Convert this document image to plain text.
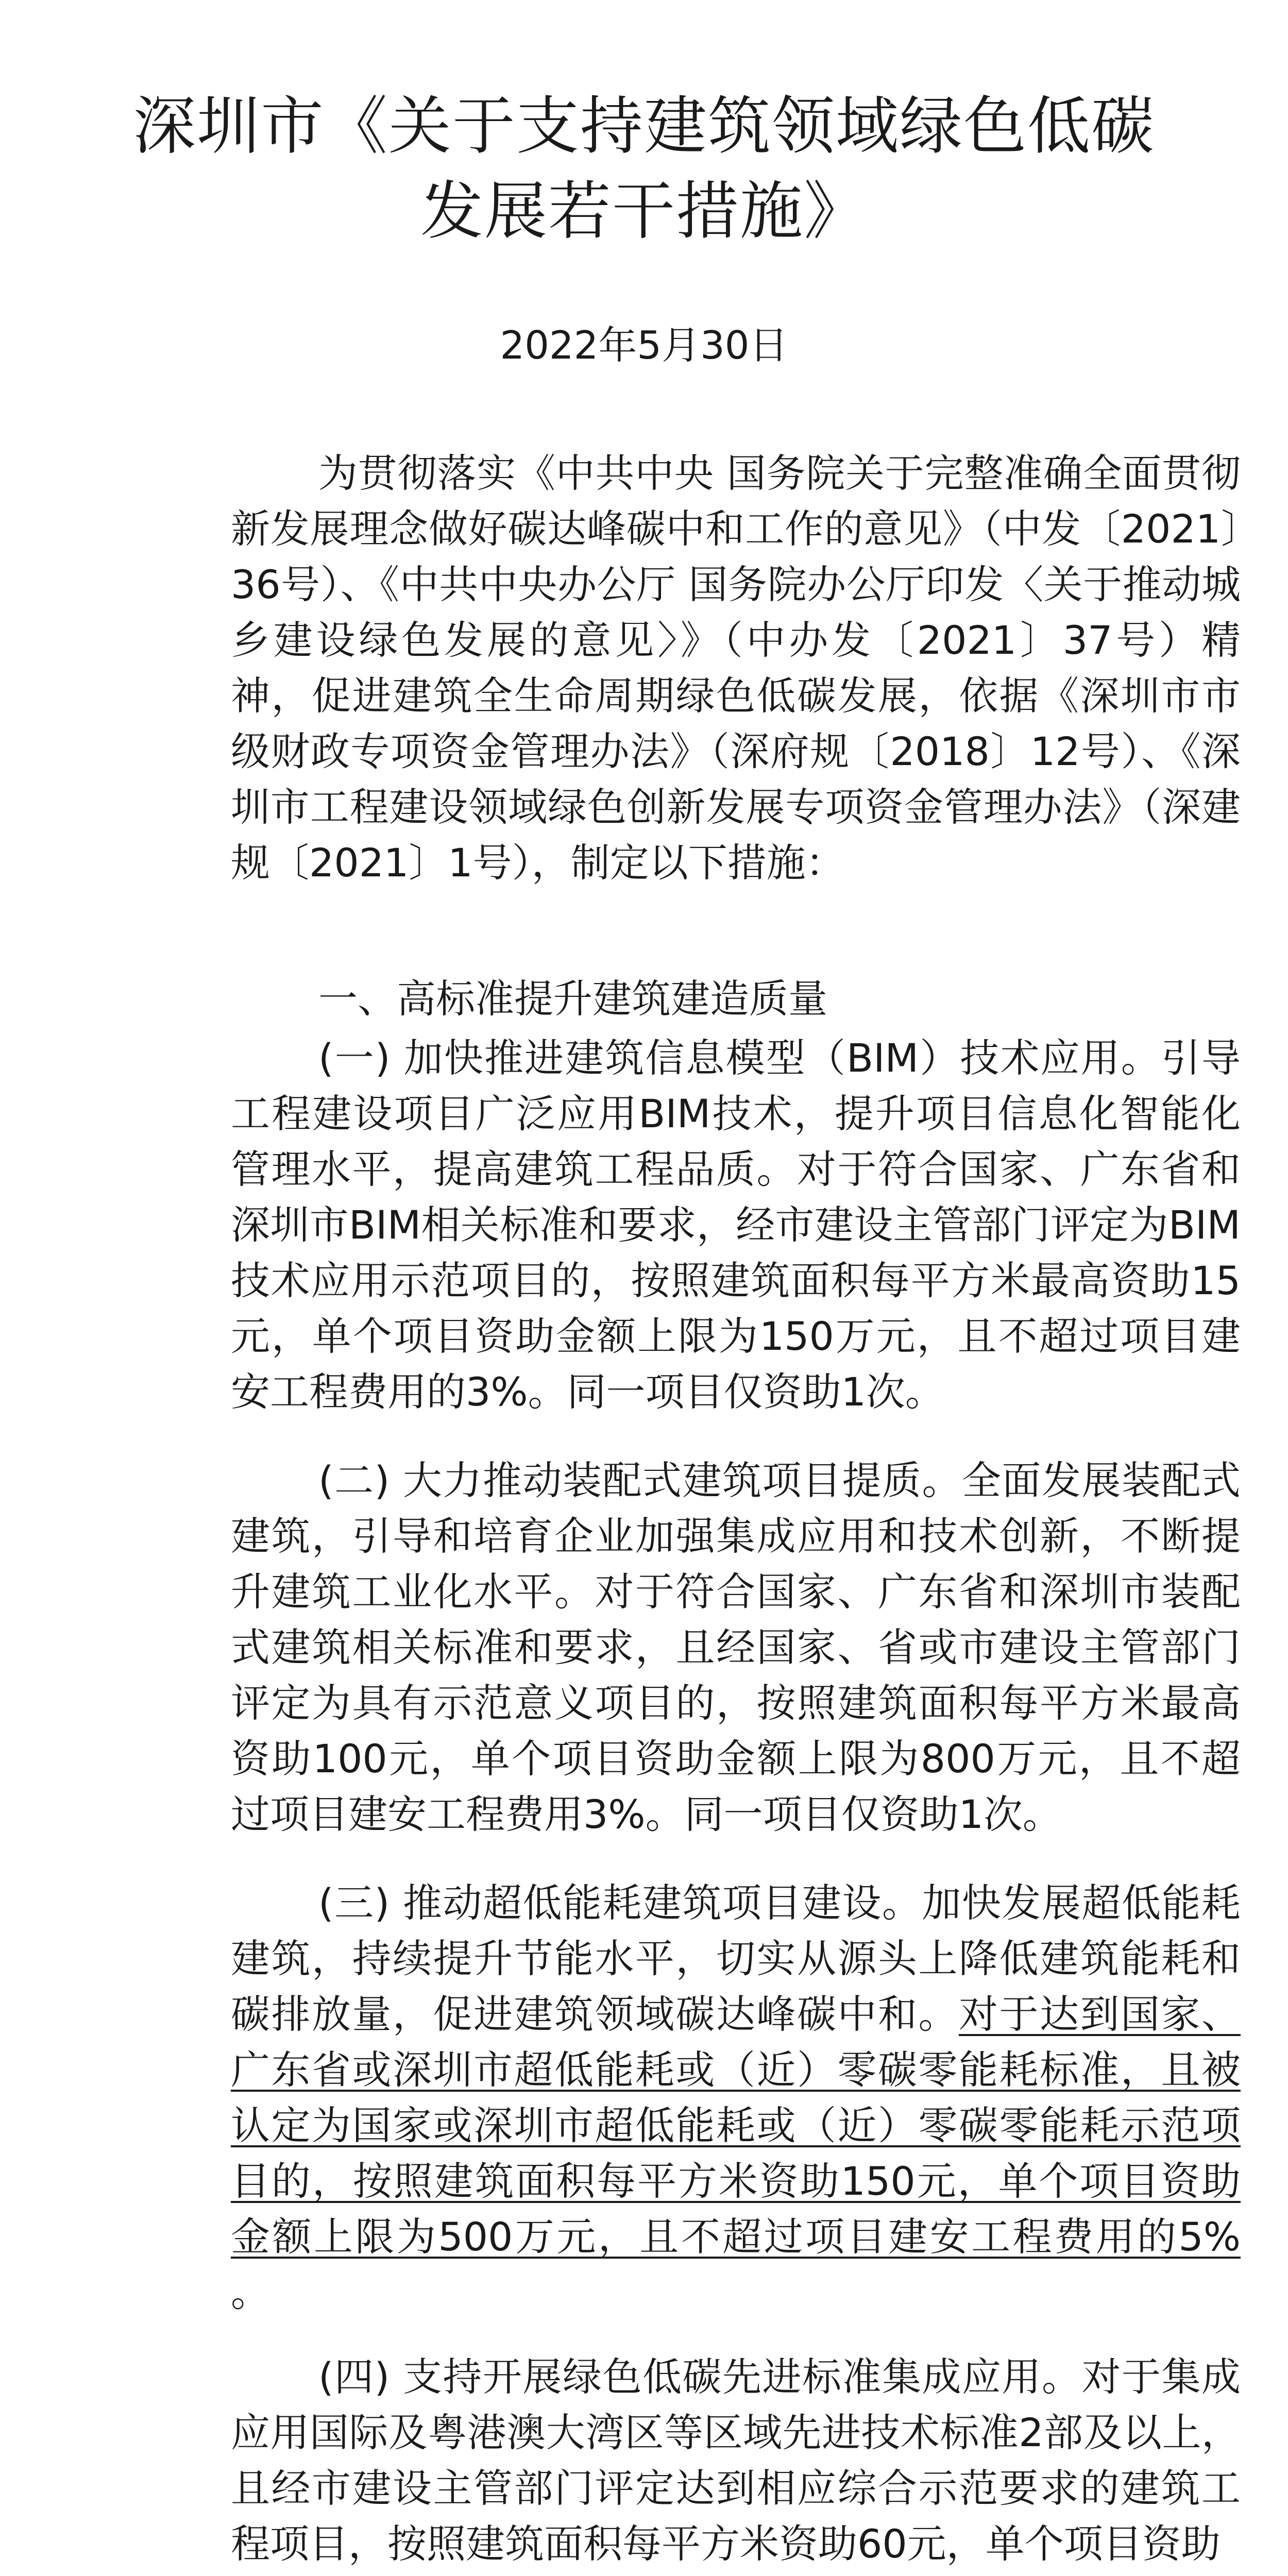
深圳市《关于支持建筑领域绿色低碳
发展若干措施》
2022年5月30日

为贯彻落实《中共中央 国务院关于完整准确全面贯彻新发展理念做好碳达峰碳中和工作的意见》（中发〔2021〕36号）、《中共中央办公厅 国务院办公厅印发〈关于推动城乡建设绿色发展的意见〉》（中办发〔2021〕37号）精神，促进建筑全生命周期绿色低碳发展，依据《深圳市市级财政专项资金管理办法》（深府规〔2018〕12号）、《深圳市工程建设领域绿色创新发展专项资金管理办法》（深建规〔2021〕1号），制定以下措施：

一、高标准提升建筑建造质量

(一) 加快推进建筑信息模型（BIM）技术应用。引导工程建设项目广泛应用BIM技术，提升项目信息化智能化管理水平，提高建筑工程品质。对于符合国家、广东省和深圳市BIM相关标准和要求，经市建设主管部门评定为BIM技术应用示范项目的，按照建筑面积每平方米最高资助15元，单个项目资助金额上限为150万元，且不超过项目建安工程费用的3%。同一项目仅资助1次。

(二) 大力推动装配式建筑项目提质。全面发展装配式建筑，引导和培育企业加强集成应用和技术创新，不断提升建筑工业化水平。对于符合国家、广东省和深圳市装配式建筑相关标准和要求，且经国家、省或市建设主管部门评定为具有示范意义项目的，按照建筑面积每平方米最高资助100元，单个项目资助金额上限为800万元，且不超过项目建安工程费用3%。同一项目仅资助1次。

(三) 推动超低能耗建筑项目建设。加快发展超低能耗建筑，持续提升节能水平，切实从源头上降低建筑能耗和碳排放量，促进建筑领域碳达峰碳中和。对于达到国家、广东省或深圳市超低能耗或（近）零碳零能耗标准，且被认定为国家或深圳市超低能耗或（近）零碳零能耗示范项目的，按照建筑面积每平方米资助150元，单个项目资助金额上限为500万元，且不超过项目建安工程费用的5% 。

(四) 支持开展绿色低碳先进标准集成应用。对于集成应用国际及粤港澳大湾区等区域先进技术标准2部及以上，且经市建设主管部门评定达到相应综合示范要求的建筑工程项目，按照建筑面积每平方米资助60元，单个项目资助
